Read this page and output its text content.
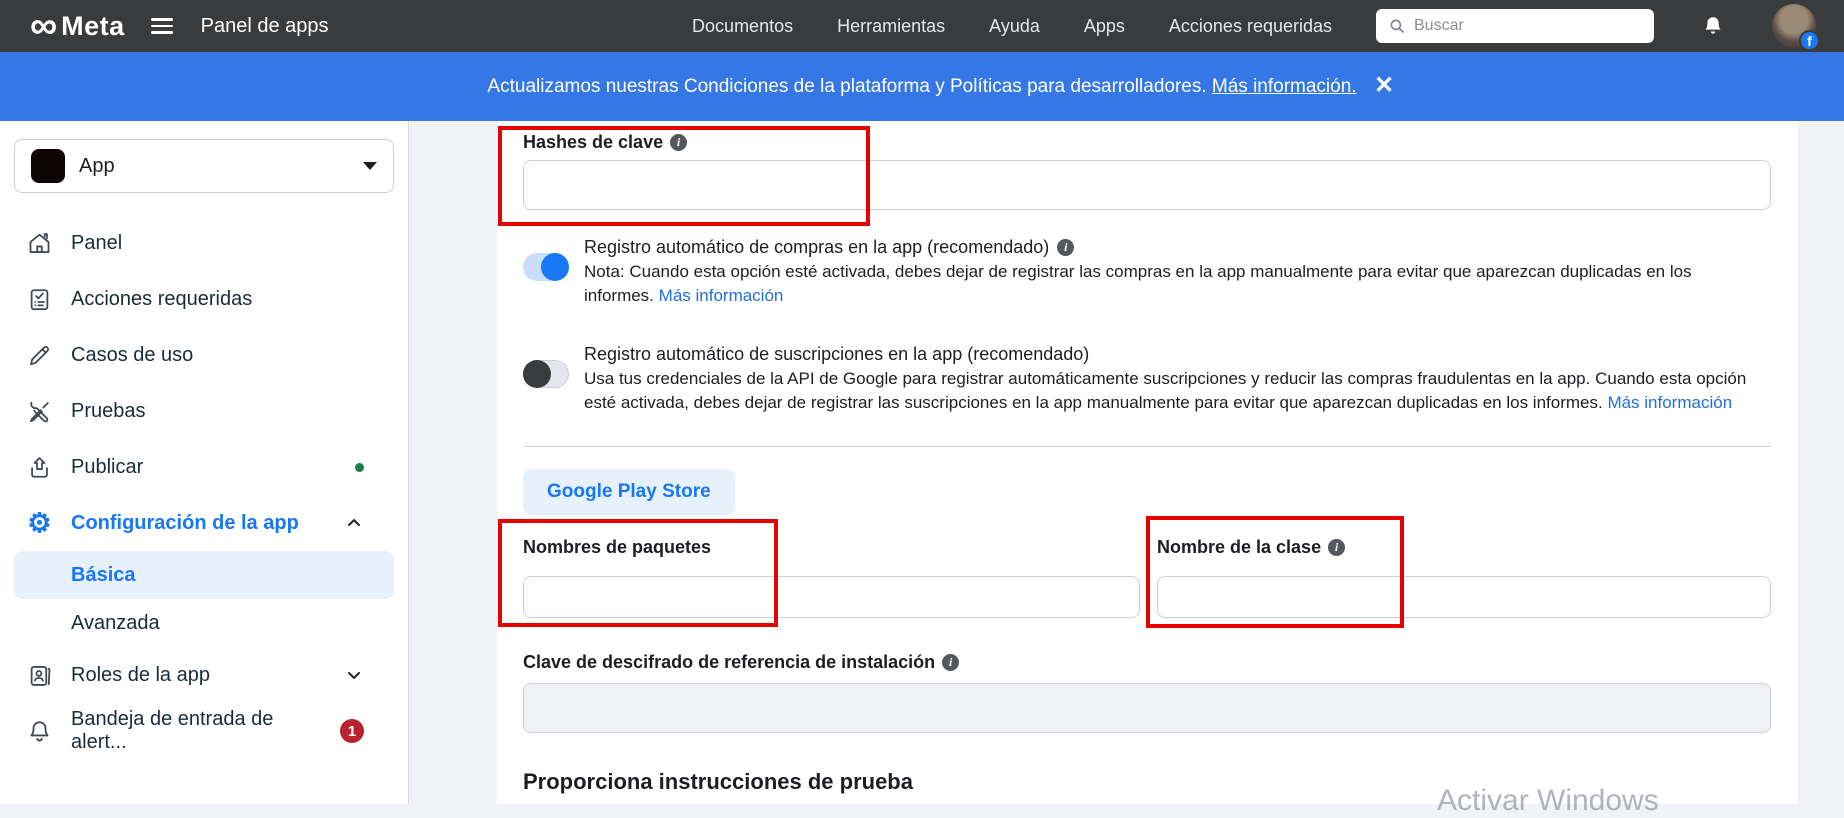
∞ Meta	Panel de apps	Documentos Herramientas Ayuda Apps Acciones requeridas
Buscar
f
Actualizamos nuestras Condiciones de la plataforma y Políticas para desarrolladores.
Más información. ✕
App
Panel
Acciones requeridas
Casos de uso
Pruebas
Publicar
⚙ Configuración de la app
Básica
Avanzada
Roles de la app
Bandeja de entrada de alert...	1
Hashes de clave	i
Registro automático de compras en la app (recomendado)	i
Nota: Cuando esta opción esté activada, debes dejar de registrar las compras en la app manualmente para evitar que aparezcan duplicadas en los informes. Más información
Registro automático de suscripciones en la app (recomendado)
Usa tus credenciales de la API de Google para registrar automáticamente suscripciones y reducir las compras fraudulentas en la app. Cuando esta opción esté activada, debes dejar de registrar las suscripciones en la app manualmente para evitar que aparezcan duplicadas en los informes. Más información
Google Play Store
Nombres de paquetes	Nombre de la clase	i
Clave de descifrado de referencia de instalación	i
Proporciona instrucciones de prueba
Activar Windows
